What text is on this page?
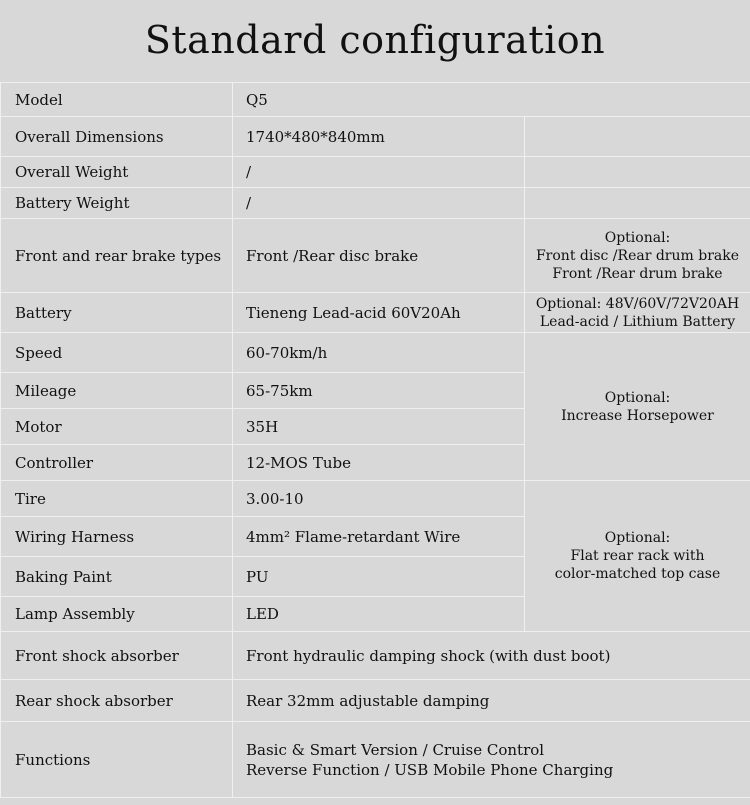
Standard configuration
Model	Q5	
Overall Dimensions	1740*480*840mm	
Overall Weight	/	
Battery Weight	/	
Front and rear brake types	Front /Rear disc brake	Optional:
Front disc /Rear drum brake
Front /Rear drum brake

Battery	Tieneng Lead-acid 60V20Ah	Optional: 48V/60V/72V20AH
Lead-acid / Lithium Battery

Speed	60-70km/h	Optional:
Increase Horsepower

Mileage	65-75km	
Motor	35H	
Controller	12-MOS Tube	
Tire	3.00-10	Optional:
Flat rear rack with
color-matched top case

Wiring Harness	4mm² Flame-retardant Wire	
Baking Paint	PU	
Lamp Assembly	LED	
Front shock absorber	Front hydraulic damping shock (with dust boot)	
Rear shock absorber	Rear 32mm adjustable damping	
Functions	Basic & Smart Version / Cruise Control
Reverse Function / USB Mobile Phone Charging	
